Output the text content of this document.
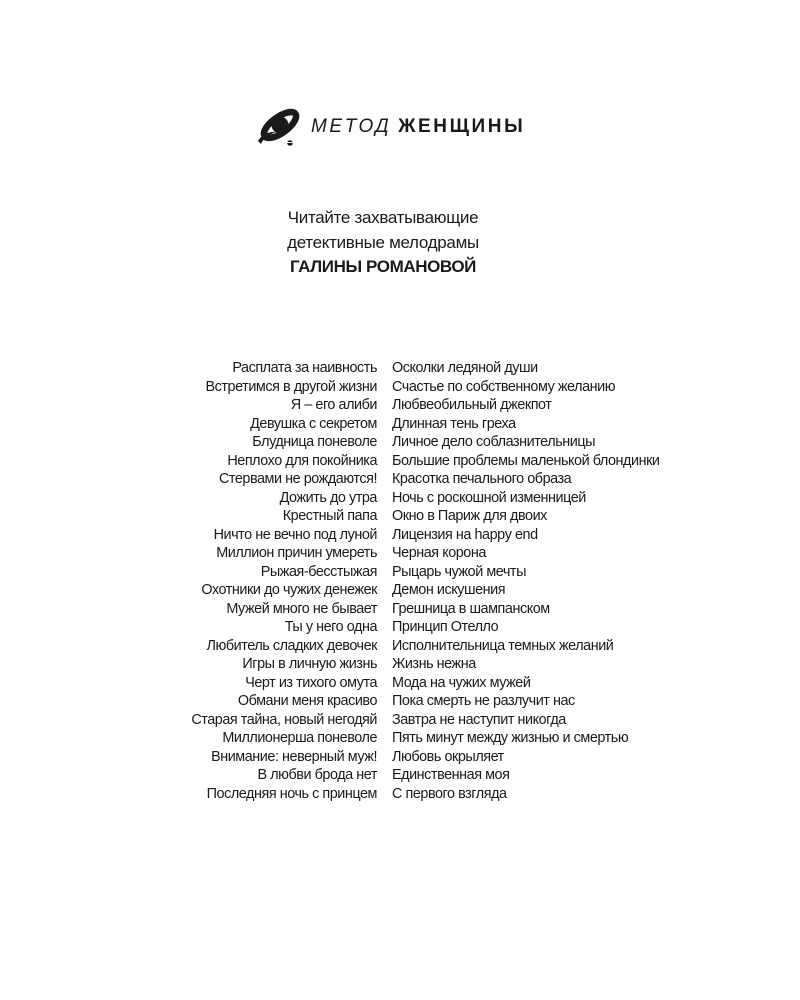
МЕТОД ЖЕНЩИНЫ
Читайте захватывающие
детективные мелодрамы
ГАЛИНЫ РОМАНОВОЙ
Расплата за наивность
Встретимся в другой жизни
Я – его алиби
Девушка с секретом
Блудница поневоле
Неплохо для покойника
Стервами не рождаются!
Дожить до утра
Крестный папа
Ничто не вечно под луной
Миллион причин умереть
Рыжая-бесстыжая
Охотники до чужих денежек
Мужей много не бывает
Ты у него одна
Любитель сладких девочек
Игры в личную жизнь
Черт из тихого омута
Обмани меня красиво
Старая тайна, новый негодяй
Миллионерша поневоле
Внимание: неверный муж!
В любви брода нет
Последняя ночь с принцем
Осколки ледяной души
Счастье по собственному желанию
Любвеобильный джекпот
Длинная тень греха
Личное дело соблазнительницы
Большие проблемы маленькой блондинки
Красотка печального образа
Ночь с роскошной изменницей
Окно в Париж для двоих
Лицензия на happy end
Черная корона
Рыцарь чужой мечты
Демон искушения
Грешница в шампанском
Принцип Отелло
Исполнительница темных желаний
Жизнь нежна
Мода на чужих мужей
Пока смерть не разлучит нас
Завтра не наступит никогда
Пять минут между жизнью и смертью
Любовь окрыляет
Единственная моя
С первого взгляда
